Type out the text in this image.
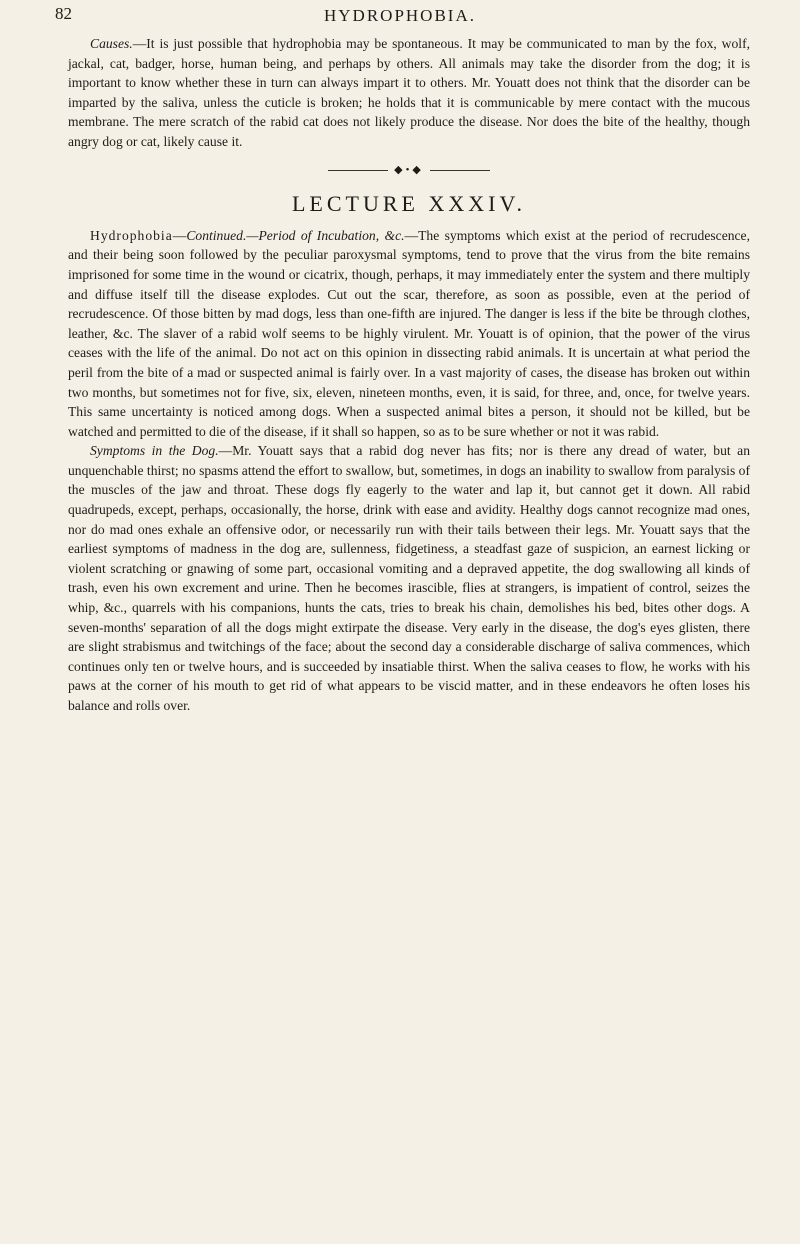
82	HYDROPHOBIA.

Causes.—It is just possible that hydrophobia may be spontaneous. It may be communicated to man by the fox, wolf, jackal, cat, badger, horse, human being, and perhaps by others. All animals may take the disorder from the dog; it is important to know whether these in turn can always impart it to others. Mr. Youatt does not think that the disorder can be imparted by the saliva, unless the cuticle is broken; he holds that it is communicable by mere contact with the mucous membrane. The mere scratch of the rabid cat does not likely produce the disease. Nor does the bite of the healthy, though angry dog or cat, likely cause it.

◆•◆
LECTURE XXXIV.

Hydrophobia—Continued.—Period of Incubation, &c.—The symptoms which exist at the period of recrudescence, and their being soon followed by the peculiar paroxysmal symptoms, tend to prove that the virus from the bite remains imprisoned for some time in the wound or cicatrix, though, perhaps, it may immediately enter the system and there multiply and diffuse itself till the disease explodes. Cut out the scar, therefore, as soon as possible, even at the period of recrudescence. Of those bitten by mad dogs, less than one-fifth are injured. The danger is less if the bite be through clothes, leather, &c. The slaver of a rabid wolf seems to be highly virulent. Mr. Youatt is of opinion, that the power of the virus ceases with the life of the animal. Do not act on this opinion in dissecting rabid animals. It is uncertain at what period the peril from the bite of a mad or suspected animal is fairly over. In a vast majority of cases, the disease has broken out within two months, but sometimes not for five, six, eleven, nineteen months, even, it is said, for three, and, once, for twelve years. This same uncertainty is noticed among dogs. When a suspected animal bites a person, it should not be killed, but be watched and permitted to die of the disease, if it shall so happen, so as to be sure whether or not it was rabid.

Symptoms in the Dog.—Mr. Youatt says that a rabid dog never has fits; nor is there any dread of water, but an unquenchable thirst; no spasms attend the effort to swallow, but, sometimes, in dogs an inability to swallow from paralysis of the muscles of the jaw and throat. These dogs fly eagerly to the water and lap it, but cannot get it down. All rabid quadrupeds, except, perhaps, occasionally, the horse, drink with ease and avidity. Healthy dogs cannot recognize mad ones, nor do mad ones exhale an offensive odor, or necessarily run with their tails between their legs. Mr. Youatt says that the earliest symptoms of madness in the dog are, sullenness, fidgetiness, a steadfast gaze of suspicion, an earnest licking or violent scratching or gnawing of some part, occasional vomiting and a depraved appetite, the dog swallowing all kinds of trash, even his own excrement and urine. Then he becomes irascible, flies at strangers, is impatient of control, seizes the whip, &c., quarrels with his companions, hunts the cats, tries to break his chain, demolishes his bed, bites other dogs. A seven-months' separation of all the dogs might extirpate the disease. Very early in the disease, the dog's eyes glisten, there are slight strabismus and twitchings of the face; about the second day a considerable discharge of saliva commences, which continues only ten or twelve hours, and is succeeded by insatiable thirst. When the saliva ceases to flow, he works with his paws at the corner of his mouth to get rid of what appears to be viscid matter, and in these endeavors he often loses his balance and rolls over.
